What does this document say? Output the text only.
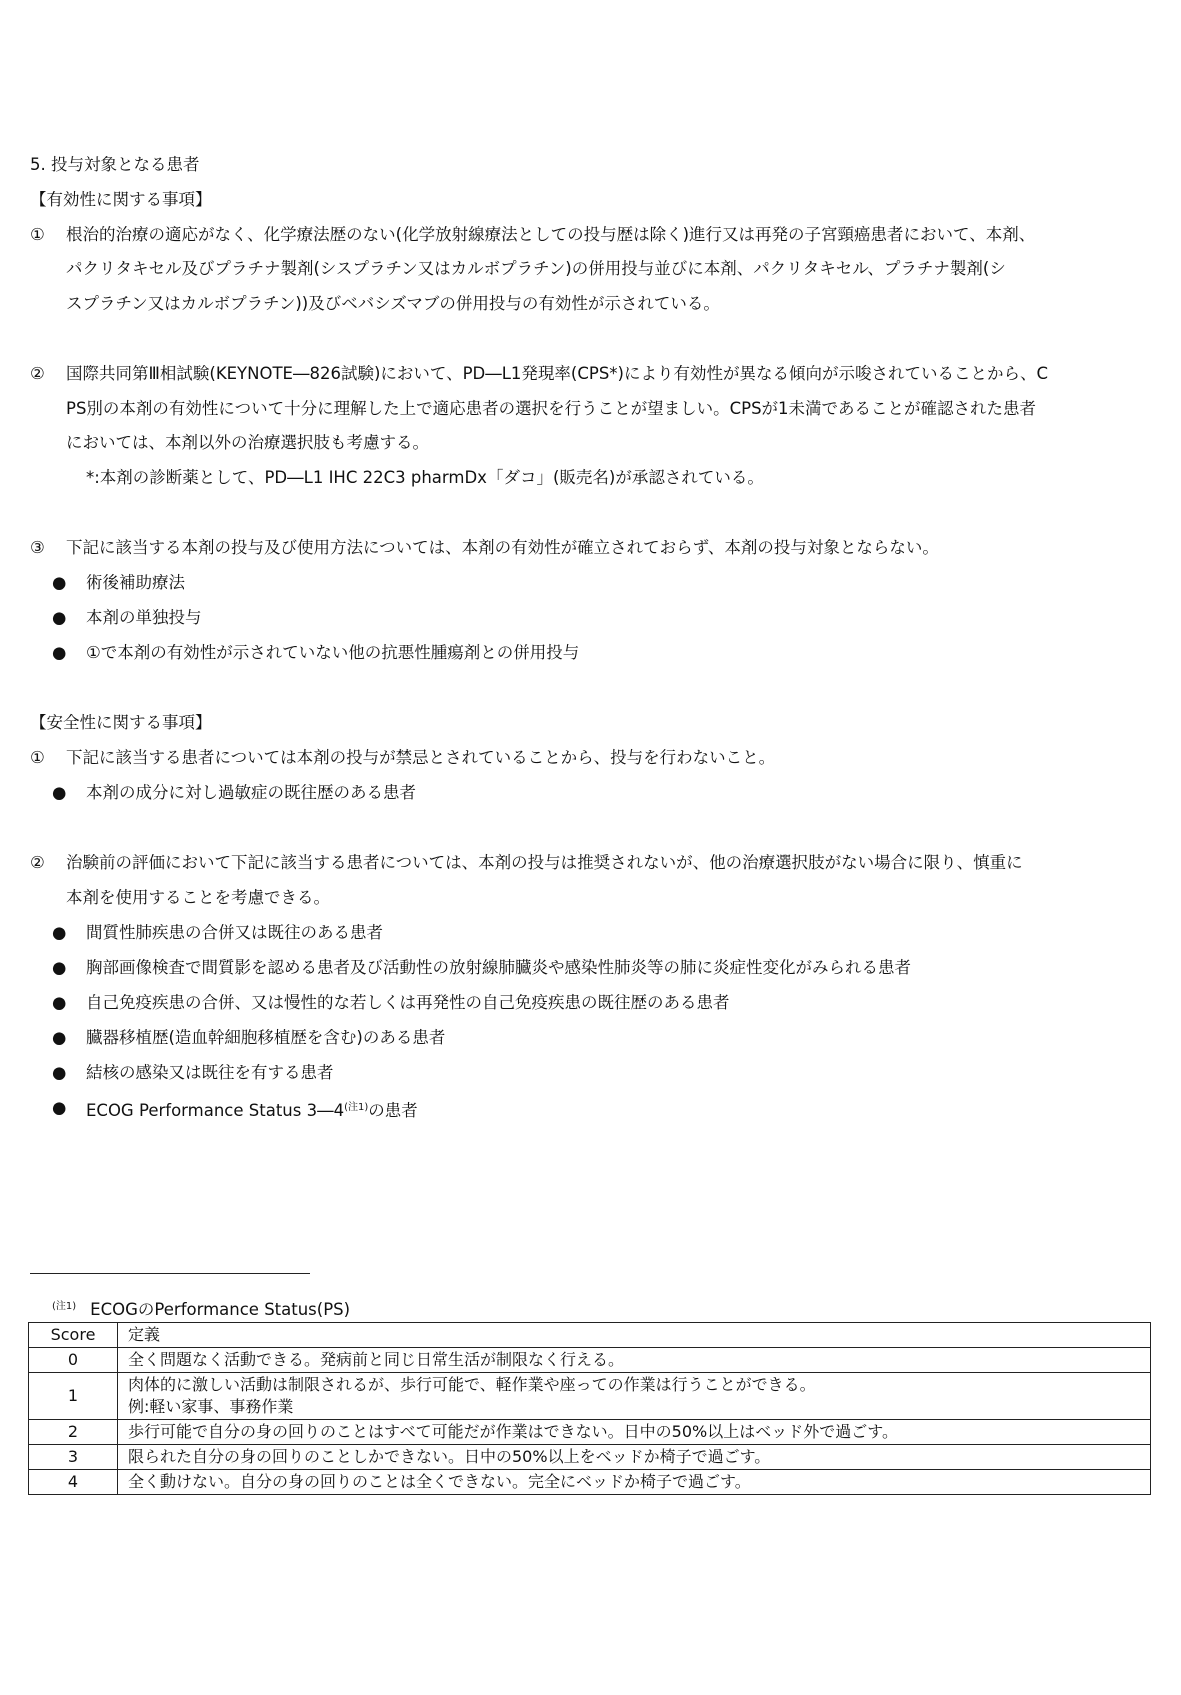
5. 投与対象となる患者
【有効性に関する事項】
① 根治的治療の適応がなく、化学療法歴のない(化学放射線療法としての投与歴は除く)進行又は再発の子宮頸癌患者において、本剤、
パクリタキセル及びプラチナ製剤(シスプラチン又はカルボプラチン)の併用投与並びに本剤、パクリタキセル、プラチナ製剤(シ
スプラチン又はカルボプラチン))及びベバシズマブの併用投与の有効性が示されている。
② 国際共同第Ⅲ相試験(KEYNOTE―826試験)において、PD―L1発現率(CPS*)により有効性が異なる傾向が示唆されていることから、C
PS別の本剤の有効性について十分に理解した上で適応患者の選択を行うことが望ましい。CPSが1未満であることが確認された患者
においては、本剤以外の治療選択肢も考慮する。
*:本剤の診断薬として、PD―L1 IHC 22C3 pharmDx「ダコ」(販売名)が承認されている。
③ 下記に該当する本剤の投与及び使用方法については、本剤の有効性が確立されておらず、本剤の投与対象とならない。
● 術後補助療法
● 本剤の単独投与
● ①で本剤の有効性が示されていない他の抗悪性腫瘍剤との併用投与
【安全性に関する事項】
① 下記に該当する患者については本剤の投与が禁忌とされていることから、投与を行わないこと。
● 本剤の成分に対し過敏症の既往歴のある患者
② 治験前の評価において下記に該当する患者については、本剤の投与は推奨されないが、他の治療選択肢がない場合に限り、慎重に
本剤を使用することを考慮できる。
● 間質性肺疾患の合併又は既往のある患者
● 胸部画像検査で間質影を認める患者及び活動性の放射線肺臓炎や感染性肺炎等の肺に炎症性変化がみられる患者
● 自己免疫疾患の合併、又は慢性的な若しくは再発性の自己免疫疾患の既往歴のある患者
● 臓器移植歴(造血幹細胞移植歴を含む)のある患者
● 結核の感染又は既往を有する患者
● ECOG Performance Status $3―4^{(注1)}$の患者
$^{(注1)}$ ECOGのPerformance Status(PS)
Score	定義
0	全く問題なく活動できる。発病前と同じ日常生活が制限なく行える。
1	肉体的に激しい活動は制限されるが、歩行可能で、軽作業や座っての作業は行うことができる。
例:軽い家事、事務作業

2	歩行可能で自分の身の回りのことはすべて可能だが作業はできない。日中の50%以上はベッド外で過ごす。
3	限られた自分の身の回りのことしかできない。日中の50%以上をベッドか椅子で過ごす。
4	全く動けない。自分の身の回りのことは全くできない。完全にベッドか椅子で過ごす。
